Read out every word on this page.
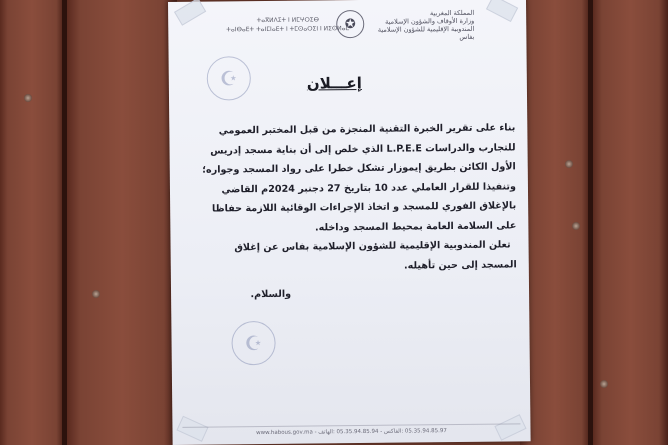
ⵜⴰⴳⵍⴷⵉⵜ ⵏ ⵍⵎⵖⵔⵉⴱ
ⵜⴰⵏⴱⴰⴹⵜ ⵜⴰⵏⵎⵏⴰⴹⵜ ⵏ ⵜⵎⵙⴰⵔⵉⵏ ⵏ ⵍⵉⵙⵍⴰⵎ
✪
المملكة المغربية
وزارة الأوقاف والشؤون الإسلامية
المندوبية الإقليمية للشؤون الإسلامية
بفاس
☪
☪
إعـــلان
بناء على تقرير الخبرة التقنية المنجزة من قبل المختبر العمومي
للتجارب والدراسات L.P.E.E الذي خلص إلى أن بناية مسجد إدريس
الأول الكائن بطريق إيموزار تشكل خطرا على رواد المسجد وجواره؛
وتنفيذا للقرار العاملي عدد 10 بتاريخ 27 دجنبر 2024م القاضي
بالإغلاق الفوري للمسجد و اتخاذ الإجراءات الوقائية اللازمة حفاظا
على السلامة العامة بمحيط المسجد وداخله.
تعلن المندوبية الإقليمية للشؤون الإسلامية بفاس عن إغلاق
المسجد إلى حين تأهيله.
والسلام.
05.35.94.85.97 :الفاكس - 05.35.94.85.94 :الهاتف - www.habous.gov.ma
